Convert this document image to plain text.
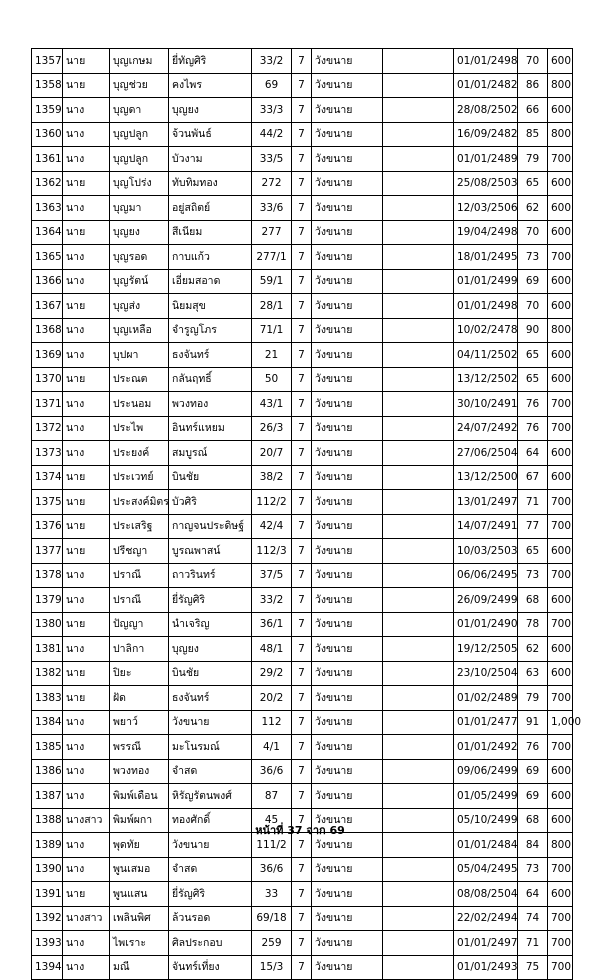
1357	นาย	บุญเกษม	ยี่ทัญศิริ	33/2	7	วังขนาย		01/01/2498	70	600
1358	นาย	บุญช่วย	คงไพร	69	7	วังขนาย		01/01/2482	86	800
1359	นาง	บุญดา	บุญยง	33/3	7	วังขนาย		28/08/2502	66	600
1360	นาง	บุญปลูก	จ้วนพันธ์	44/2	7	วังขนาย		16/09/2482	85	800
1361	นาง	บุญปลูก	บัวงาม	33/5	7	วังขนาย		01/01/2489	79	700
1362	นาย	บุญโปร่ง	ทับทิมทอง	272	7	วังขนาย		25/08/2503	65	600
1363	นาง	บุญมา	อยู่สถิตย์	33/6	7	วังขนาย		12/03/2506	62	600
1364	นาย	บุญยง	สีเนียม	277	7	วังขนาย		19/04/2498	70	600
1365	นาง	บุญรอด	กาบแก้ว	277/1	7	วังขนาย		18/01/2495	73	700
1366	นาง	บุญรัตน์	เอี่ยมสอาด	59/1	7	วังขนาย		01/01/2499	69	600
1367	นาย	บุญส่ง	นิยมสุข	28/1	7	วังขนาย		01/01/2498	70	600
1368	นาง	บุญเหลือ	จำรูญโภร	71/1	7	วังขนาย		10/02/2478	90	800
1369	นาง	บุปผา	ธงจันทร์	21	7	วังขนาย		04/11/2502	65	600
1370	นาย	ประณต	กลันฤทธิ์	50	7	วังขนาย		13/12/2502	65	600
1371	นาง	ประนอม	พวงทอง	43/1	7	วังขนาย		30/10/2491	76	700
1372	นาง	ประไพ	อินทร์แหยม	26/3	7	วังขนาย		24/07/2492	76	700
1373	นาง	ประยงค์	สมบูรณ์	20/7	7	วังขนาย		27/06/2504	64	600
1374	นาย	ประเวทย์	บินชัย	38/2	7	วังขนาย		13/12/2500	67	600
1375	นาย	ประสงค์มิตร	บัวศิริ	112/2	7	วังขนาย		13/01/2497	71	700
1376	นาย	ประเสริฐ	กาญจนประดิษฐ์	42/4	7	วังขนาย		14/07/2491	77	700
1377	นาย	ปรีชญา	บูรณพาสน์	112/3	7	วังขนาย		10/03/2503	65	600
1378	นาง	ปราณี	ถาวรินทร์	37/5	7	วังขนาย		06/06/2495	73	700
1379	นาง	ปราณี	ยี่รัญศิริ	33/2	7	วังขนาย		26/09/2499	68	600
1380	นาย	ปัญญา	นำเจริญ	36/1	7	วังขนาย		01/01/2490	78	700
1381	นาง	ปาลิกา	บุญยง	48/1	7	วังขนาย		19/12/2505	62	600
1382	นาย	ปิยะ	บินชัย	29/2	7	วังขนาย		23/10/2504	63	600
1383	นาย	ฝัด	ธงจันทร์	20/2	7	วังขนาย		01/02/2489	79	700
1384	นาง	พยาว์	วังขนาย	112	7	วังขนาย		01/01/2477	91	1,000
1385	นาง	พรรณี	มะโนรมณ์	4/1	7	วังขนาย		01/01/2492	76	700
1386	นาง	พวงทอง	จำสด	36/6	7	วังขนาย		09/06/2499	69	600
1387	นาง	พิมพ์เดือน	หิรัญรัตนพงศ์	87	7	วังขนาย		01/05/2499	69	600
1388	นางสาว	พิมพ์ผกา	ทองศักดิ์	45	7	วังขนาย		05/10/2499	68	600
1389	นาง	พุดทัย	วังขนาย	111/2	7	วังขนาย		01/01/2484	84	800
1390	นาง	พูนเสมอ	จำสด	36/6	7	วังขนาย		05/04/2495	73	700
1391	นาย	พูนแสน	ยี่รัญศิริ	33	7	วังขนาย		08/08/2504	64	600
1392	นางสาว	เพลินพิศ	ล้วนรอด	69/18	7	วังขนาย		22/02/2494	74	700
1393	นาง	ไพเราะ	ศิลประกอบ	259	7	วังขนาย		01/01/2497	71	700
1394	นาง	มณี	จันทร์เที่ยง	15/3	7	วังขนาย		01/01/2493	75	700
หน้าที่ 37 จาก 69
